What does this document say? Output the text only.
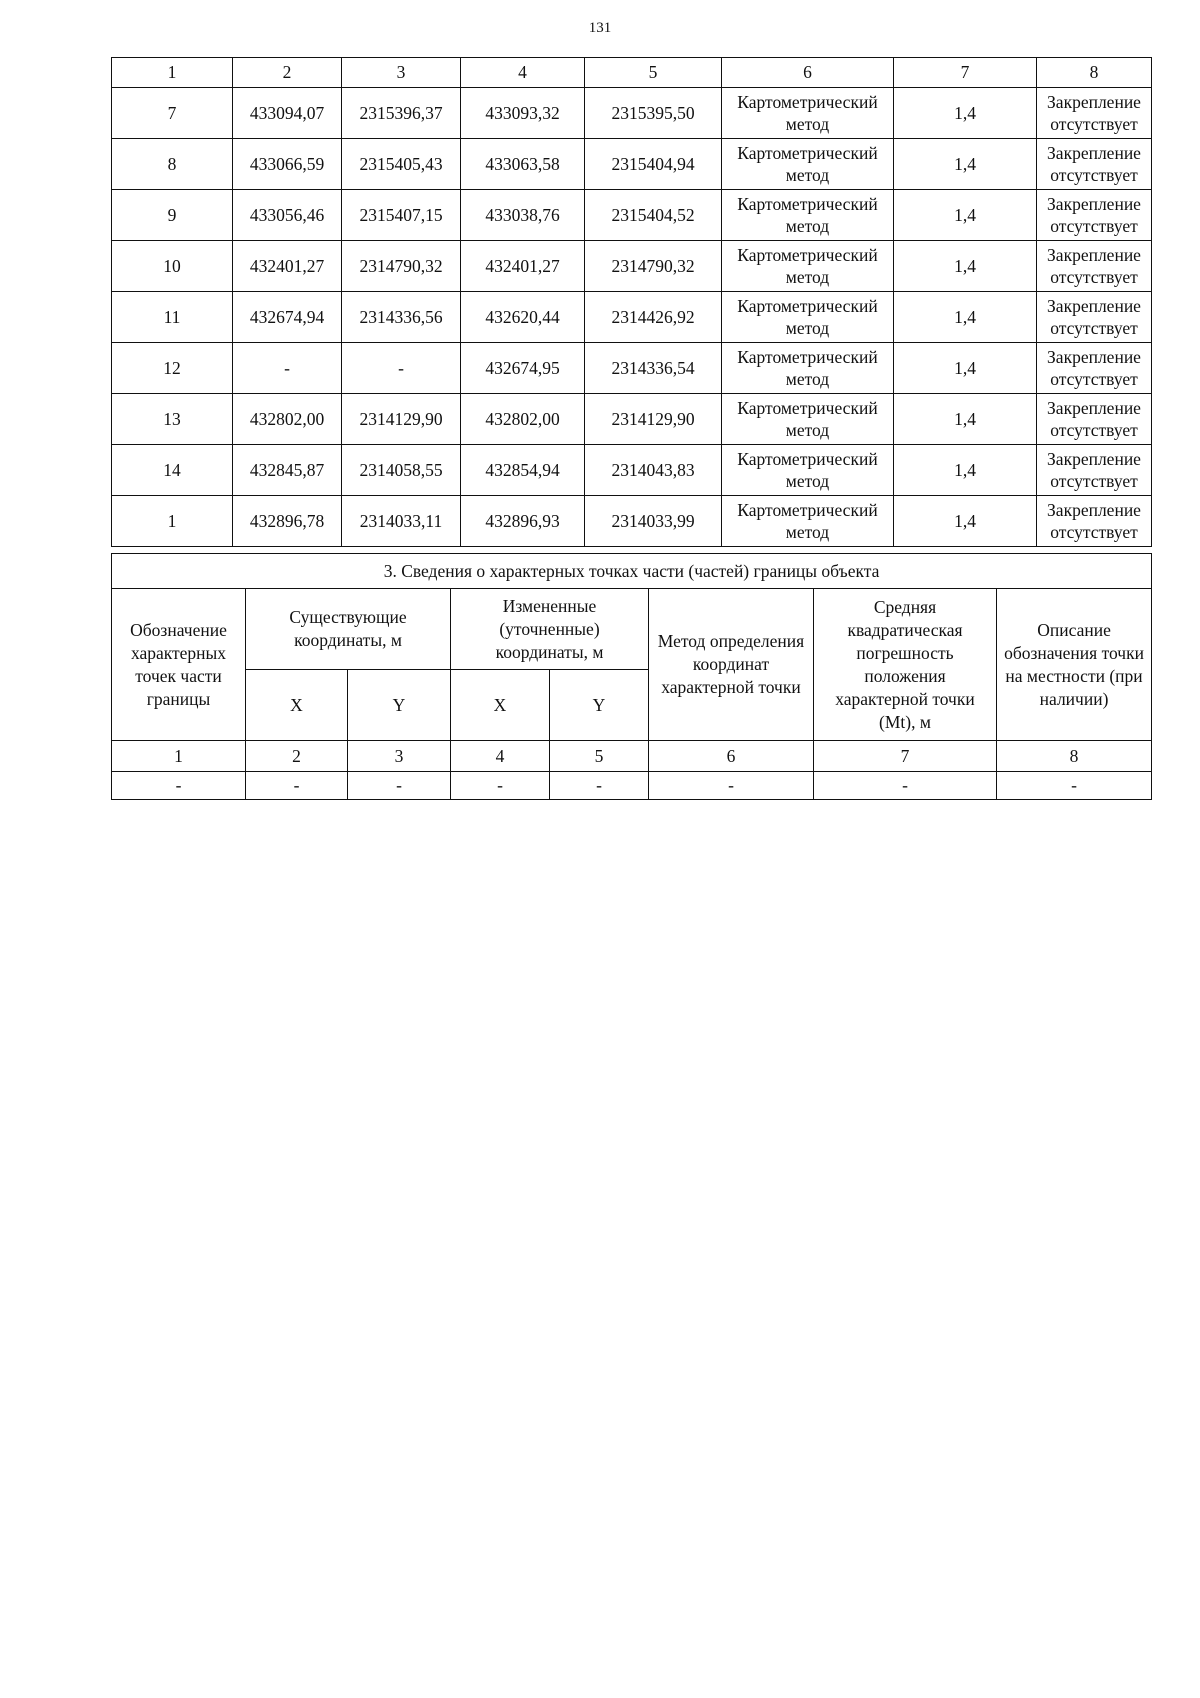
131
1	2	3	4	5	6	7	8
7	433094,07	2315396,37	433093,32	2315395,50	Картометрический метод	1,4	Закрепление отсутствует
8	433066,59	2315405,43	433063,58	2315404,94	Картометрический метод	1,4	Закрепление отсутствует
9	433056,46	2315407,15	433038,76	2315404,52	Картометрический метод	1,4	Закрепление отсутствует
10	432401,27	2314790,32	432401,27	2314790,32	Картометрический метод	1,4	Закрепление отсутствует
11	432674,94	2314336,56	432620,44	2314426,92	Картометрический метод	1,4	Закрепление отсутствует
12	-	-	432674,95	2314336,54	Картометрический метод	1,4	Закрепление отсутствует
13	432802,00	2314129,90	432802,00	2314129,90	Картометрический метод	1,4	Закрепление отсутствует
14	432845,87	2314058,55	432854,94	2314043,83	Картометрический метод	1,4	Закрепление отсутствует
1	432896,78	2314033,11	432896,93	2314033,99	Картометрический метод	1,4	Закрепление отсутствует
3. Сведения о характерных точках части (частей) границы объекта							
Обозначение характерных точек части границы	Существующие координаты, м		Измененные (уточненные) координаты, м		Метод определения координат характерной точки	Средняя квадратическая погрешность положения характерной точки (Mt), м	Описание обозначения точки на местности (при наличии)
	X	Y	X	Y			
1	2	3	4	5	6	7	8
-	-	-	-	-	-	-	-
